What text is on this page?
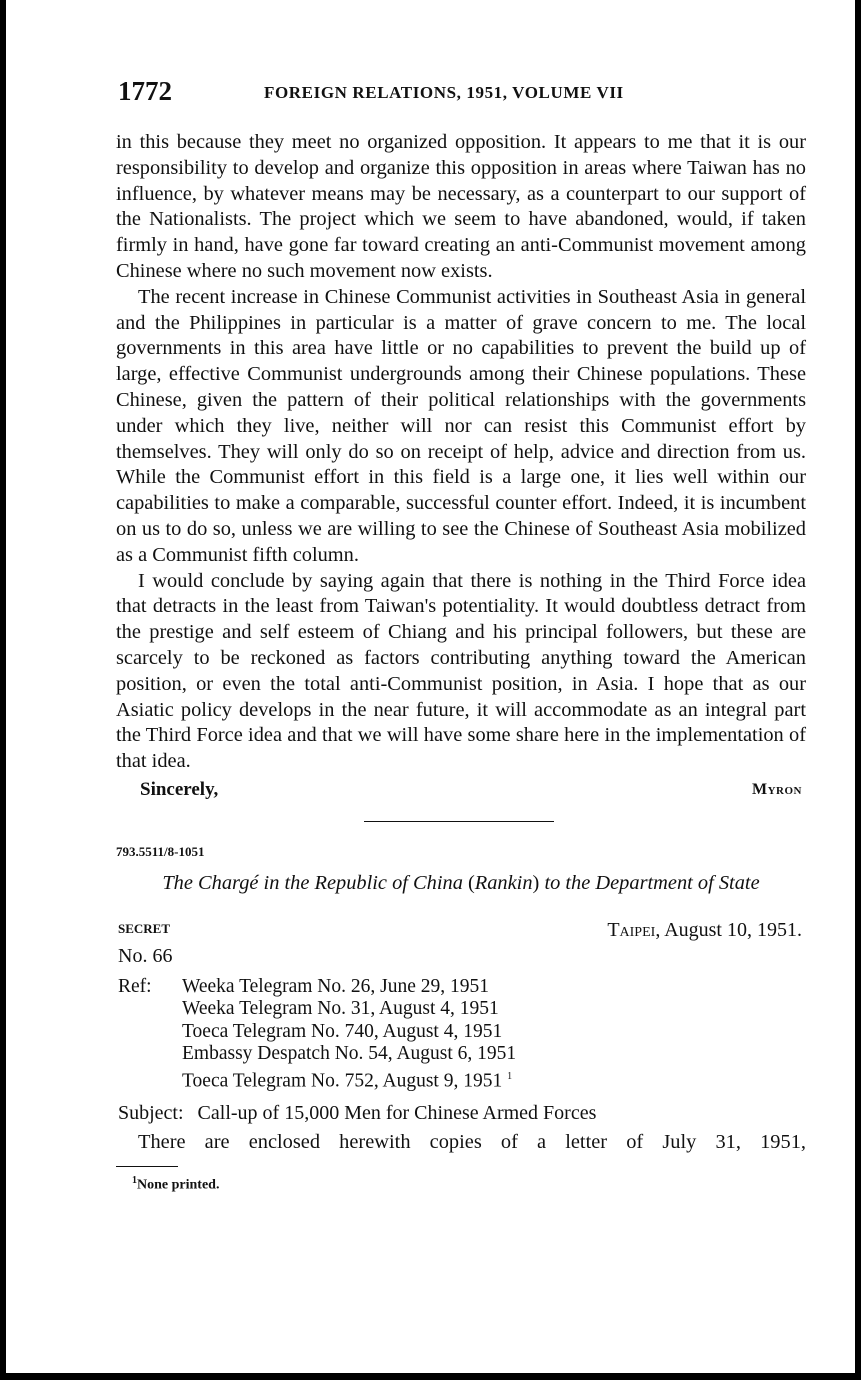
1772	FOREIGN RELATIONS, 1951, VOLUME VII

in this because they meet no organized opposition. It appears to me that it is our responsibility to develop and organize this opposition in areas where Taiwan has no influence, by whatever means may be necessary, as a counterpart to our support of the Nationalists. The project which we seem to have abandoned, would, if taken firmly in hand, have gone far toward creating an anti-Communist movement among Chinese where no such movement now exists.

The recent increase in Chinese Communist activities in Southeast Asia in general and the Philippines in particular is a matter of grave concern to me. The local governments in this area have little or no capabilities to prevent the build up of large, effective Communist undergrounds among their Chinese populations. These Chinese, given the pattern of their political relationships with the governments under which they live, neither will nor can resist this Communist effort by themselves. They will only do so on receipt of help, advice and direction from us. While the Communist effort in this field is a large one, it lies well within our capabilities to make a comparable, successful counter effort. Indeed, it is incumbent on us to do so, unless we are willing to see the Chinese of Southeast Asia mobilized as a Communist fifth column.

I would conclude by saying again that there is nothing in the Third Force idea that detracts in the least from Taiwan's potentiality. It would doubtless detract from the prestige and self esteem of Chiang and his principal followers, but these are scarcely to be reckoned as factors contributing anything toward the American position, or even the total anti-Communist position, in Asia. I hope that as our Asiatic policy develops in the near future, it will accommodate as an integral part the Third Force idea and that we will have some share here in the implementation of that idea.

Sincerely,	Myron
793.5511/8-1051
The Chargé in the Republic of China (Rankin) to the Department of State
SECRET	Taipei, August 10, 1951.
No. 66
Ref: Weeka Telegram No. 26, June 29, 1951
Weeka Telegram No. 31, August 4, 1951
Toeca Telegram No. 740, August 4, 1951
Embassy Despatch No. 54, August 6, 1951
Toeca Telegram No. 752, August 9, 1951 $^1$
Subject: Call-up of 15,000 Men for Chinese Armed Forces
There are enclosed herewith copies of a letter of July 31, 1951,
$^1$None printed.
